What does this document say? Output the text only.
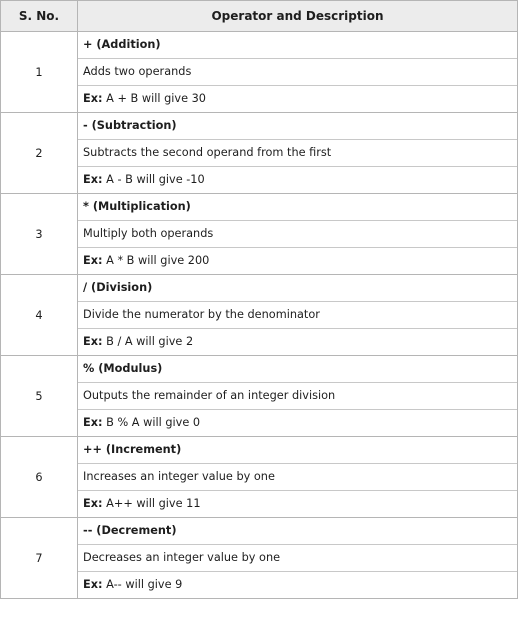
S. No.	Operator and Description
1	+ (Addition)
Adds two operands
Ex: A + B will give 30

2	- (Subtraction)
Subtracts the second operand from the first
Ex: A - B will give -10

3	* (Multiplication)
Multiply both operands
Ex: A * B will give 200

4	/ (Division)
Divide the numerator by the denominator
Ex: B / A will give 2

5	% (Modulus)
Outputs the remainder of an integer division
Ex: B % A will give 0

6	++ (Increment)
Increases an integer value by one
Ex: A++ will give 11

7	-- (Decrement)
Decreases an integer value by one
Ex: A-- will give 9
